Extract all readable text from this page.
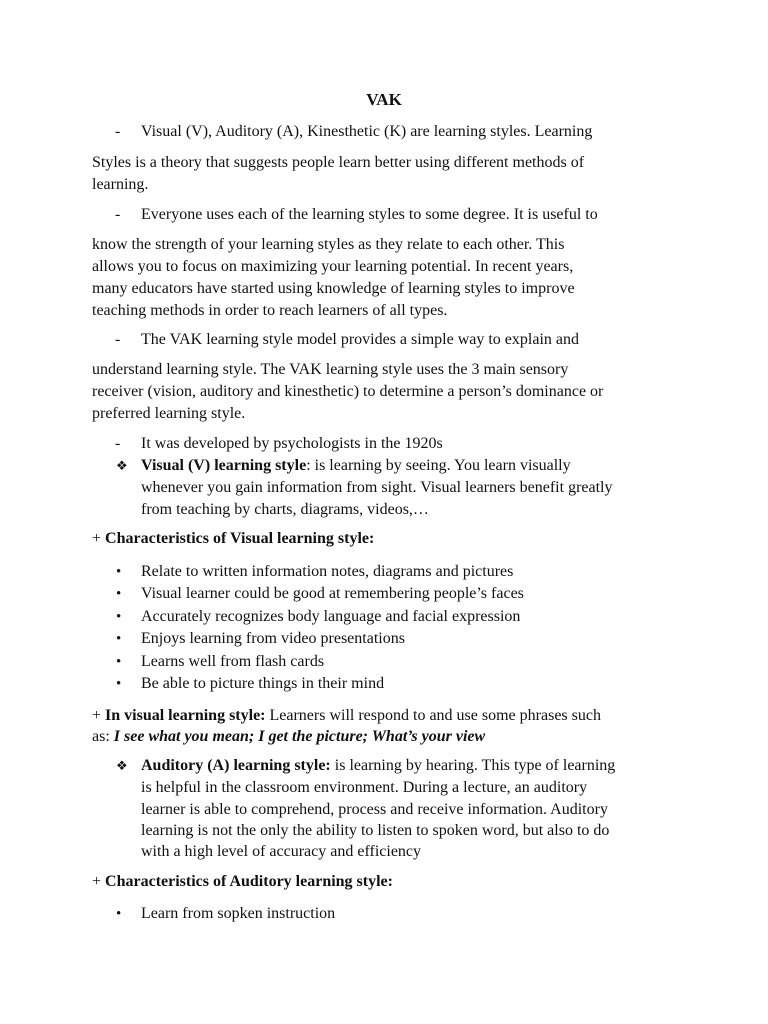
VAK
- Visual (V), Auditory (A), Kinesthetic (K) are learning styles. Learning
Styles is a theory that suggests people learn better using different methods of
learning.
- Everyone uses each of the learning styles to some degree. It is useful to
know the strength of your learning styles as they relate to each other. This
allows you to focus on maximizing your learning potential. In recent years,
many educators have started using knowledge of learning styles to improve
teaching methods in order to reach learners of all types.
- The VAK learning style model provides a simple way to explain and
understand learning style. The VAK learning style uses the 3 main sensory
receiver (vision, auditory and kinesthetic) to determine a person’s dominance or
preferred learning style.
- It was developed by psychologists in the 1920s
❖ Visual (V) learning style: is learning by seeing. You learn visually
whenever you gain information from sight. Visual learners benefit greatly
from teaching by charts, diagrams, videos,…
+ Characteristics of Visual learning style:
• Relate to written information notes, diagrams and pictures
• Visual learner could be good at remembering people’s faces
• Accurately recognizes body language and facial expression
• Enjoys learning from video presentations
• Learns well from flash cards
• Be able to picture things in their mind
+ In visual learning style: Learners will respond to and use some phrases such
as: I see what you mean; I get the picture; What’s your view
❖ Auditory (A) learning style: is learning by hearing. This type of learning
is helpful in the classroom environment. During a lecture, an auditory
learner is able to comprehend, process and receive information. Auditory
learning is not the only the ability to listen to spoken word, but also to do
with a high level of accuracy and efficiency
+ Characteristics of Auditory learning style:
• Learn from sopken instruction
